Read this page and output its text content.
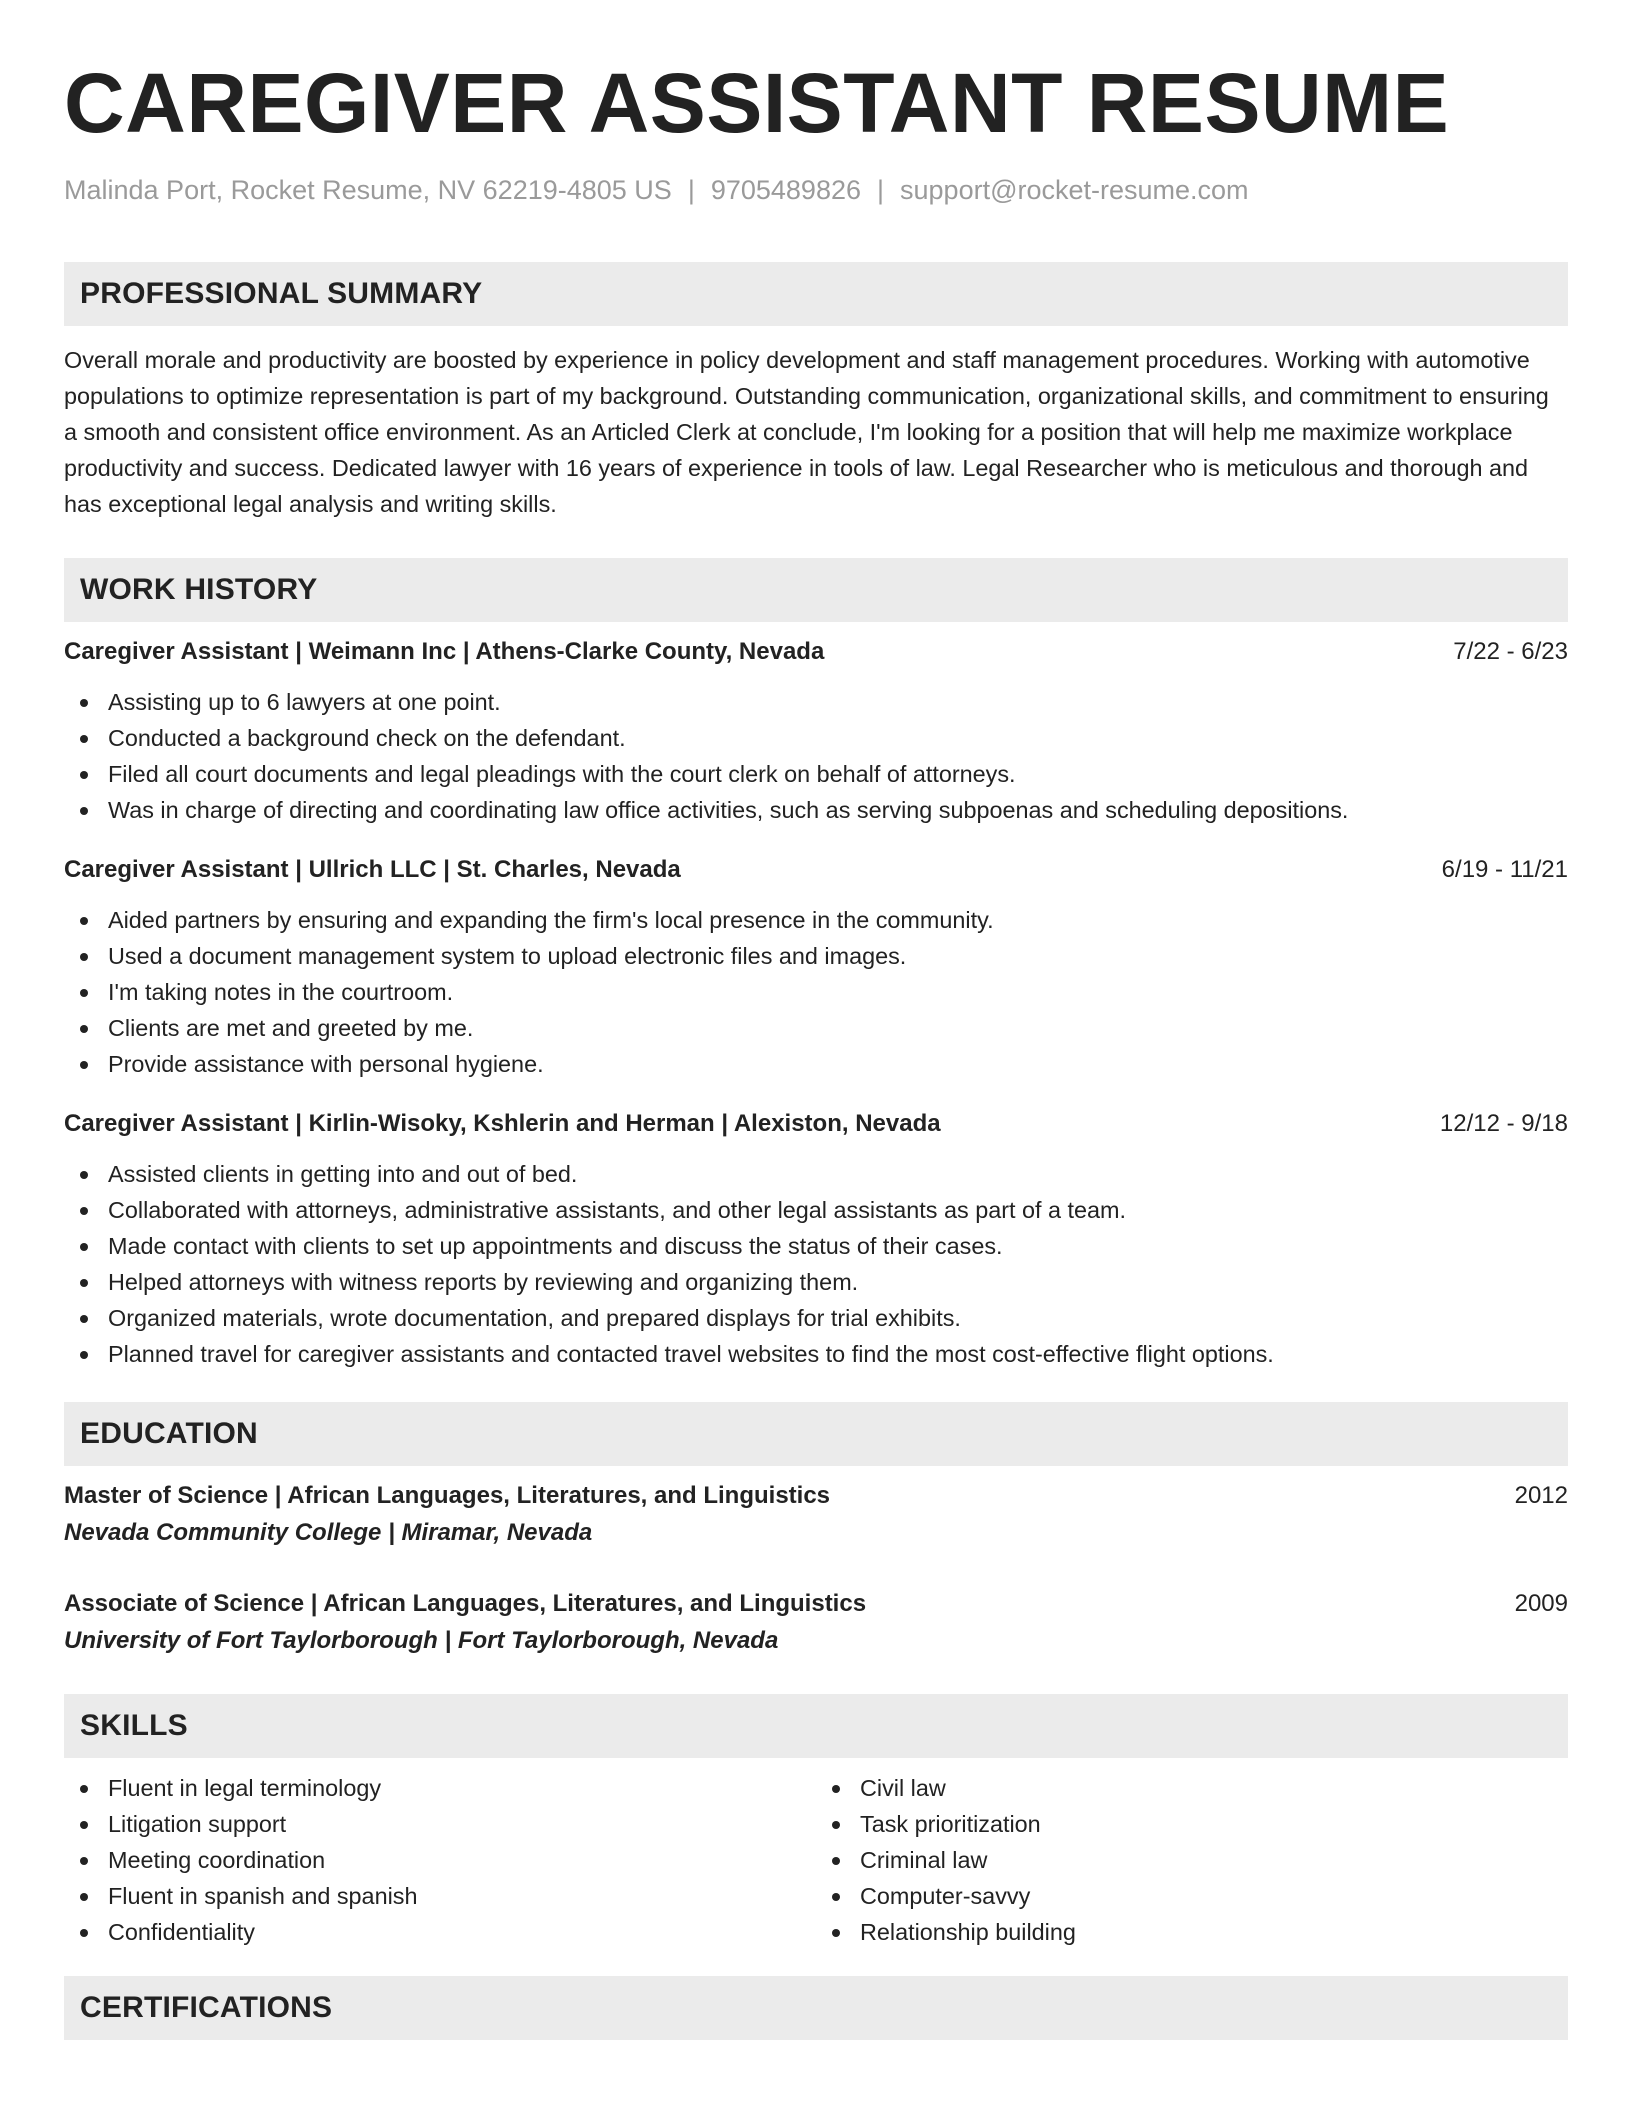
CAREGIVER ASSISTANT RESUME
Malinda Port, Rocket Resume, NV 62219-4805 US | 9705489826 | support@rocket-resume.com
PROFESSIONAL SUMMARY

Overall morale and productivity are boosted by experience in policy development and staff management procedures. Working with automotive populations to optimize representation is part of my background. Outstanding communication, organizational skills, and commitment to ensuring a smooth and consistent office environment. As an Articled Clerk at conclude, I'm looking for a position that will help me maximize workplace productivity and success. Dedicated lawyer with 16 years of experience in tools of law. Legal Researcher who is meticulous and thorough and has exceptional legal analysis and writing skills.

WORK HISTORY
Caregiver Assistant | Weimann Inc | Athens-Clarke County, Nevada	7/22 - 6/23
Assisting up to 6 lawyers at one point.
Conducted a background check on the defendant.
Filed all court documents and legal pleadings with the court clerk on behalf of attorneys.
Was in charge of directing and coordinating law office activities, such as serving subpoenas and scheduling depositions.
Caregiver Assistant | Ullrich LLC | St. Charles, Nevada	6/19 - 11/21
Aided partners by ensuring and expanding the firm's local presence in the community.
Used a document management system to upload electronic files and images.
I'm taking notes in the courtroom.
Clients are met and greeted by me.
Provide assistance with personal hygiene.
Caregiver Assistant | Kirlin-Wisoky, Kshlerin and Herman | Alexiston, Nevada	12/12 - 9/18
Assisted clients in getting into and out of bed.
Collaborated with attorneys, administrative assistants, and other legal assistants as part of a team.
Made contact with clients to set up appointments and discuss the status of their cases.
Helped attorneys with witness reports by reviewing and organizing them.
Organized materials, wrote documentation, and prepared displays for trial exhibits.
Planned travel for caregiver assistants and contacted travel websites to find the most cost-effective flight options.
EDUCATION
Master of Science | African Languages, Literatures, and Linguistics	2012
Nevada Community College | Miramar, Nevada
Associate of Science | African Languages, Literatures, and Linguistics	2009
University of Fort Taylorborough | Fort Taylorborough, Nevada
SKILLS
Fluent in legal terminology
Litigation support
Meeting coordination
Fluent in spanish and spanish
Confidentiality
Civil law
Task prioritization
Criminal law
Computer-savvy
Relationship building
CERTIFICATIONS
